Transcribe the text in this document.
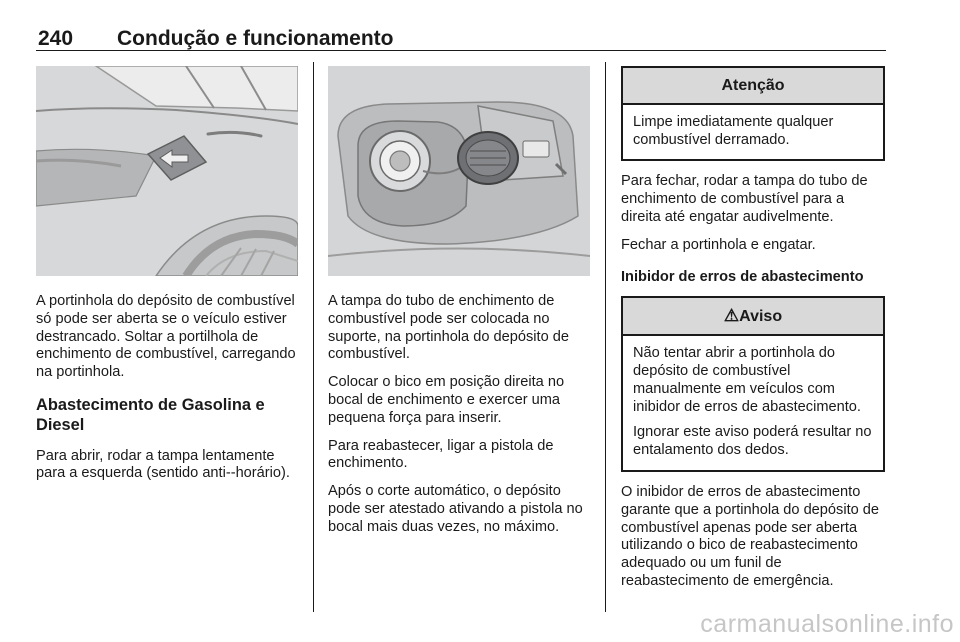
240 Condução e funcionamento

A portinhola do depósito de combustível só pode ser aberta se o veículo estiver destrancado. Soltar a portilhola de enchimento de combustível, carregando na portinhola.

Abastecimento de Gasolina e Diesel

Para abrir, rodar a tampa lentamente para a esquerda (sentido anti--horário).

A tampa do tubo de enchimento de combustível pode ser colocada no suporte, na portinhola do depósito de combustível.

Colocar o bico em posição direita no bocal de enchimento e exercer uma pequena força para inserir.

Para reabastecer, ligar a pistola de enchimento.

Após o corte automático, o depósito pode ser atestado ativando a pistola no bocal mais duas vezes, no máximo.

Atenção

Limpe imediatamente qualquer combustível derramado.

Para fechar, rodar a tampa do tubo de enchimento de combustível para a direita até engatar audivelmente.

Fechar a portinhola e engatar.

Inibidor de erros de abastecimento
⚠Aviso

Não tentar abrir a portinhola do depósito de combustível manualmente em veículos com inibidor de erros de abastecimento.

Ignorar este aviso poderá resultar no entalamento dos dedos.

O inibidor de erros de abastecimento garante que a portinhola do depósito de combustível apenas pode ser aberta utilizando o bico de reabastecimento adequado ou um funil de reabastecimento de emergência.

carmanualsonline.info
